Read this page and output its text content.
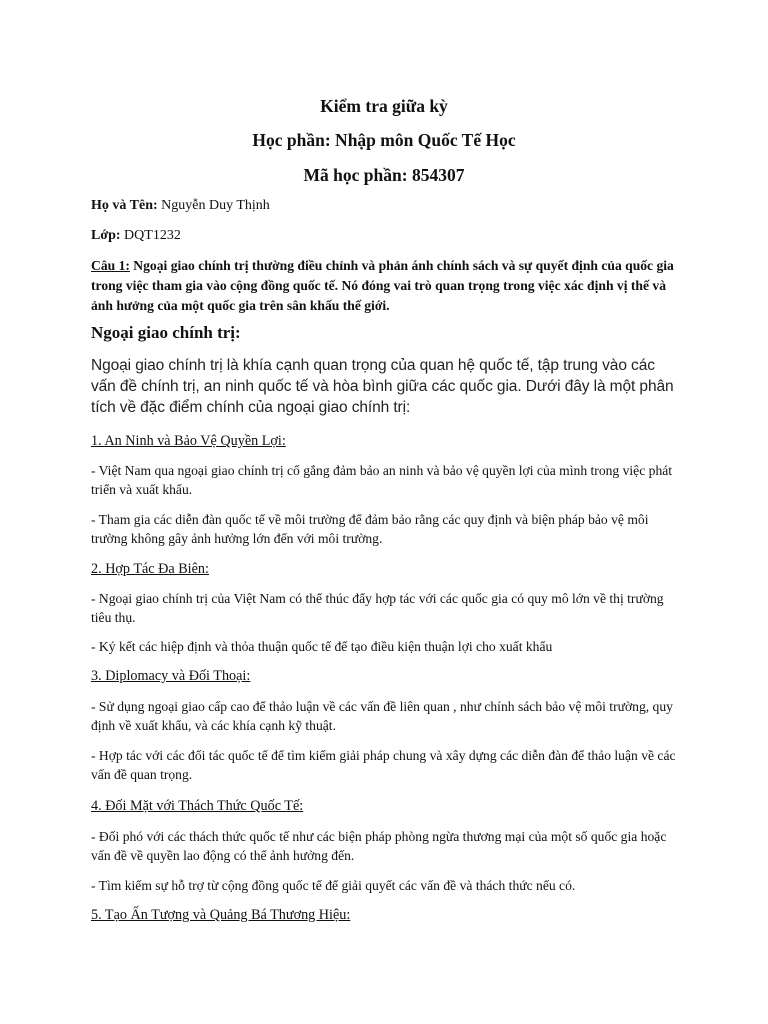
Kiểm tra giữa kỳ
Học phần: Nhập môn Quốc Tế Học
Mã học phần: 854307
Họ và Tên: Nguyễn Duy Thịnh
Lớp: DQT1232
Câu 1: Ngoại giao chính trị thường điều chỉnh và phản ánh chính sách và sự quyết định của quốc gia trong việc tham gia vào cộng đồng quốc tế. Nó đóng vai trò quan trọng trong việc xác định vị thế và ảnh hưởng của một quốc gia trên sân khấu thế giới.
Ngoại giao chính trị:
Ngoại giao chính trị là khía cạnh quan trọng của quan hệ quốc tế, tập trung vào các vấn đề chính trị, an ninh quốc tế và hòa bình giữa các quốc gia. Dưới đây là một phân tích về đặc điểm chính của ngoại giao chính trị:
1. An Ninh và Bảo Vệ Quyền Lợi:
- Việt Nam qua ngoại giao chính trị cố gắng đảm bảo an ninh và bảo vệ quyền lợi của mình trong việc phát triển và xuất khẩu.
- Tham gia các diễn đàn quốc tế về môi trường để đảm bảo rằng các quy định và biện pháp bảo vệ môi trường không gây ảnh hưởng lớn đến với môi trường.
2. Hợp Tác Đa Biên:
- Ngoại giao chính trị của Việt Nam có thể thúc đẩy hợp tác với các quốc gia có quy mô lớn về thị trường tiêu thụ.
- Ký kết các hiệp định và thỏa thuận quốc tế để tạo điều kiện thuận lợi cho xuất khẩu
3. Diplomacy và Đối Thoại:
- Sử dụng ngoại giao cấp cao để thảo luận về các vấn đề liên quan , như chính sách bảo vệ môi trường, quy định về xuất khẩu, và các khía cạnh kỹ thuật.
- Hợp tác với các đối tác quốc tế để tìm kiếm giải pháp chung và xây dựng các diễn đàn để thảo luận về các vấn đề quan trọng.
4. Đối Mặt với Thách Thức Quốc Tế:
- Đối phó với các thách thức quốc tế như các biện pháp phòng ngừa thương mại của một số quốc gia hoặc vấn đề về quyền lao động có thể ảnh hưởng đến.
- Tìm kiếm sự hỗ trợ từ cộng đồng quốc tế để giải quyết các vấn đề và thách thức nếu có.
5. Tạo Ấn Tượng và Quảng Bá Thương Hiệu:
